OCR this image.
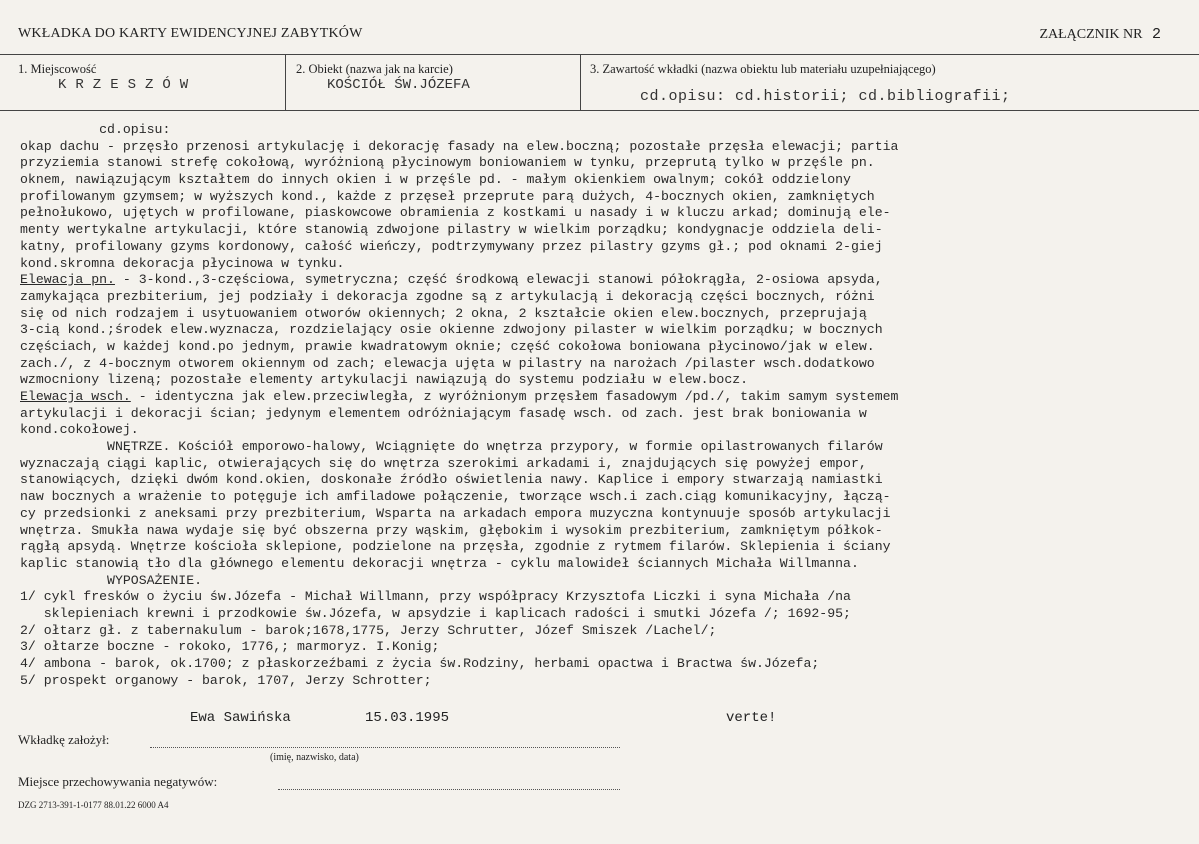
WKŁADKA DO KARTY EWIDENCYJNEJ ZABYTKÓW	ZAŁĄCZNIK NR 2
1. Miejscowość
KRZESZÓW
2. Obiekt (nazwa jak na karcie)
KOŚCIÓŁ ŚW.JÓZEFA
3. Zawartość wkładki (nazwa obiektu lub materiału uzupełniającego)
cd.opisu: cd.historii; cd.bibliografii;
cd.opisu:
okap dachu - przęsło przenosi artykulację i dekorację fasady na elew.boczną; pozostałe przęsła elewacji; partia
przyziemia stanowi strefę cokołową, wyróżnioną płycinowym boniowaniem w tynku, przeprutą tylko w przęśle pn.
oknem, nawiązującym kształtem do innych okien i w przęśle pd. - małym okienkiem owalnym; cokół oddzielony
profilowanym gzymsem; w wyższych kond., każde z przęseł przeprute parą dużych, 4-bocznych okien, zamkniętych
pełnołukowo, ujętych w profilowane, piaskowcowe obramienia z kostkami u nasady i w kluczu arkad; dominują ele-
menty wertykalne artykulacji, które stanowią zdwojone pilastry w wielkim porządku; kondygnacje oddziela deli-
katny, profilowany gzyms kordonowy, całość wieńczy, podtrzymywany przez pilastry gzyms gł.; pod oknami 2-giej
kond.skromna dekoracja płycinowa w tynku.
Elewacja pn. - 3-kond.,3-częściowa, symetryczna; część środkową elewacji stanowi półokrągła, 2-osiowa apsyda,
zamykająca prezbiterium, jej podziały i dekoracja zgodne są z artykulacją i dekoracją części bocznych, różni
się od nich rodzajem i usytuowaniem otworów okiennych; 2 okna, 2 kształcie okien elew.bocznych, przeprujają
3-cią kond.;środek elew.wyznacza, rozdzielający osie okienne zdwojony pilaster w wielkim porządku; w bocznych
częściach, w każdej kond.po jednym, prawie kwadratowym oknie; część cokołowa boniowana płycinowo/jak w elew.
zach./, z 4-bocznym otworem okiennym od zach; elewacja ujęta w pilastry na narożach /pilaster wsch.dodatkowo
wzmocniony lizeną; pozostałe elementy artykulacji nawiązują do systemu podziału w elew.bocz.
Elewacja wsch. - identyczna jak elew.przeciwległa, z wyróżnionym przęsłem fasadowym /pd./, takim samym systemem
artykulacji i dekoracji ścian; jedynym elementem odróżniającym fasadę wsch. od zach. jest brak boniowania w
kond.cokołowej.
WNĘTRZE. Kościół emporowo-halowy, Wciągnięte do wnętrza przypory, w formie opilastrowanych filarów
wyznaczają ciągi kaplic, otwierających się do wnętrza szerokimi arkadami i, znajdujących się powyżej empor,
stanowiących, dzięki dwóm kond.okien, doskonałe źródło oświetlenia nawy. Kaplice i empory stwarzają namiastki
naw bocznych a wrażenie to potęguje ich amfiladowe połączenie, tworzące wsch.i zach.ciąg komunikacyjny, łączą-
cy przedsionki z aneksami przy prezbiterium, Wsparta na arkadach empora muzyczna kontynuuje sposób artykulacji
wnętrza. Smukła nawa wydaje się być obszerna przy wąskim, głębokim i wysokim prezbiterium, zamkniętym półkok-
rągłą apsydą. Wnętrze kościoła sklepione, podzielone na przęsła, zgodnie z rytmem filarów. Sklepienia i ściany
kaplic stanowią tło dla głównego elementu dekoracji wnętrza - cyklu malowideł ściannych Michała Willmanna.
WYPOSAŻENIE.
1/ cykl fresków o życiu św.Józefa - Michał Willmann, przy współpracy Krzysztofa Liczki i syna Michała /na
sklepieniach krewni i przodkowie św.Józefa, w apsydzie i kaplicach radości i smutki Józefa /; 1692-95;
2/ ołtarz gł. z tabernakulum - barok;1678,1775, Jerzy Schrutter, Józef Smiszek /Lachel/;
3/ ołtarze boczne - rokoko, 1776,; marmoryz. I.Konig;
4/ ambona - barok, ok.1700; z płaskorzeźbami z życia św.Rodziny, herbami opactwa i Bractwa św.Józefa;
5/ prospekt organowy - barok, 1707, Jerzy Schrotter;
Ewa Sawińska	15.03.1995	verte!
Wkładkę założył:
(imię, nazwisko, data)
Miejsce przechowywania negatywów:
DZG 2713-391-1-0177 88.01.22 6000 A4
